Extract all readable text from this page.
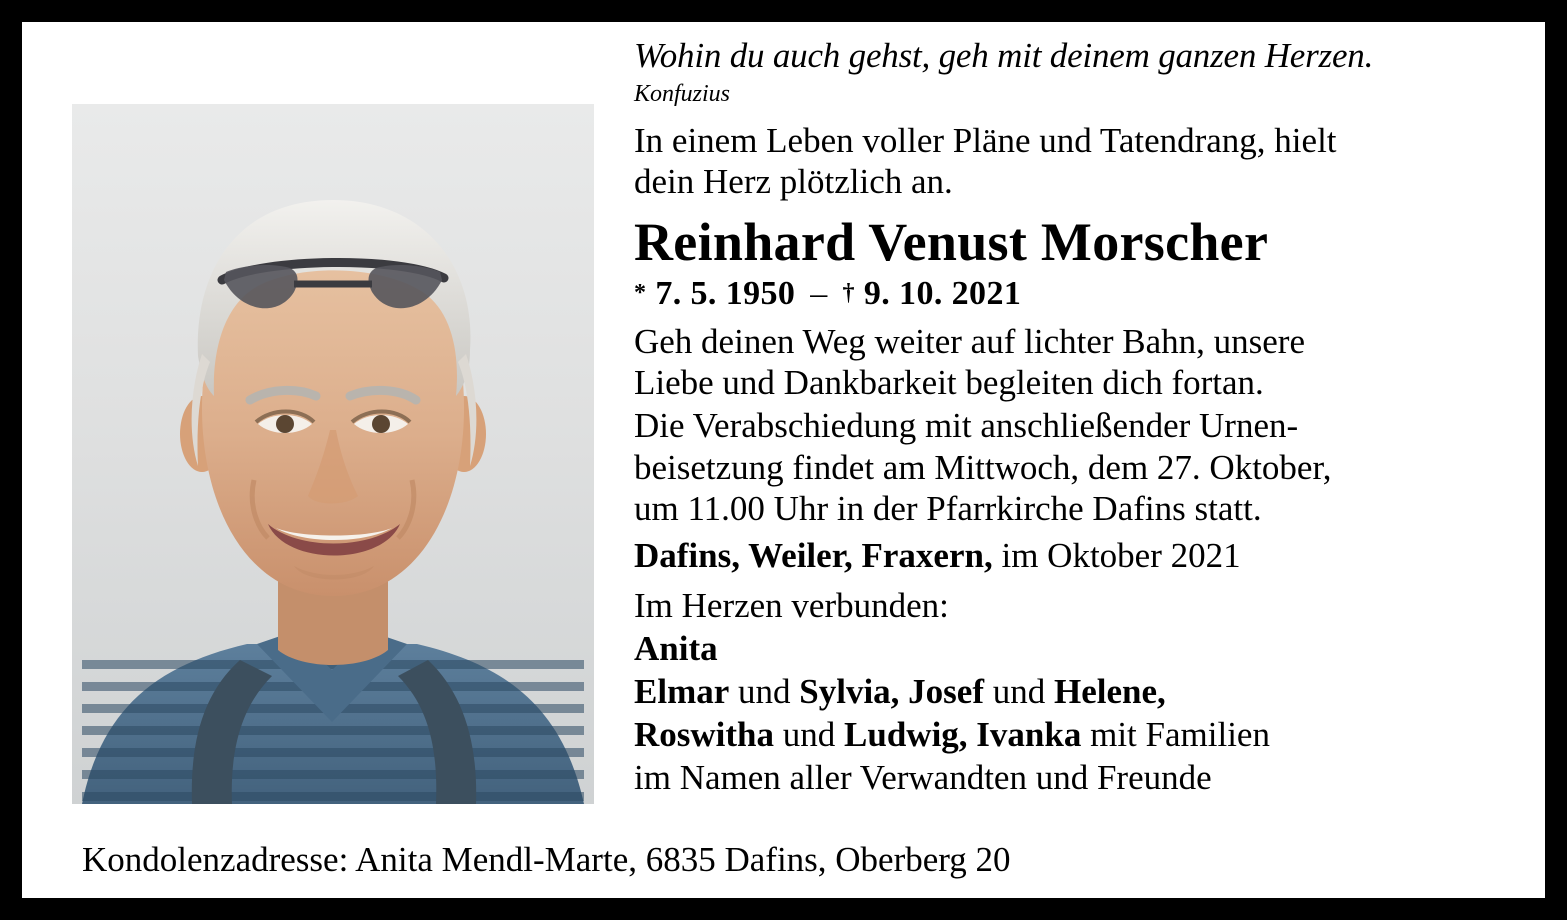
Wohin du auch gehst, geh mit deinem ganzen Herzen.
Konfuzius
In einem Leben voller Pläne und Tatendrang, hielt
dein Herz plötzlich an.
Reinhard Venust Morscher
* 7. 5. 1950 – † 9. 10. 2021
Geh deinen Weg weiter auf lichter Bahn, unsere
Liebe und Dankbarkeit begleiten dich fortan.
Die Verabschiedung mit anschließender Urnen-
beisetzung findet am Mittwoch, dem 27. Oktober,
um 11.00 Uhr in der Pfarrkirche Dafins statt.
Dafins, Weiler, Fraxern, im Oktober 2021
Im Herzen verbunden:
Anita
Elmar und Sylvia, Josef und Helene,
Roswitha und Ludwig, Ivanka mit Familien
im Namen aller Verwandten und Freunde
Kondolenzadresse: Anita Mendl-Marte, 6835 Dafins, Oberberg 20
